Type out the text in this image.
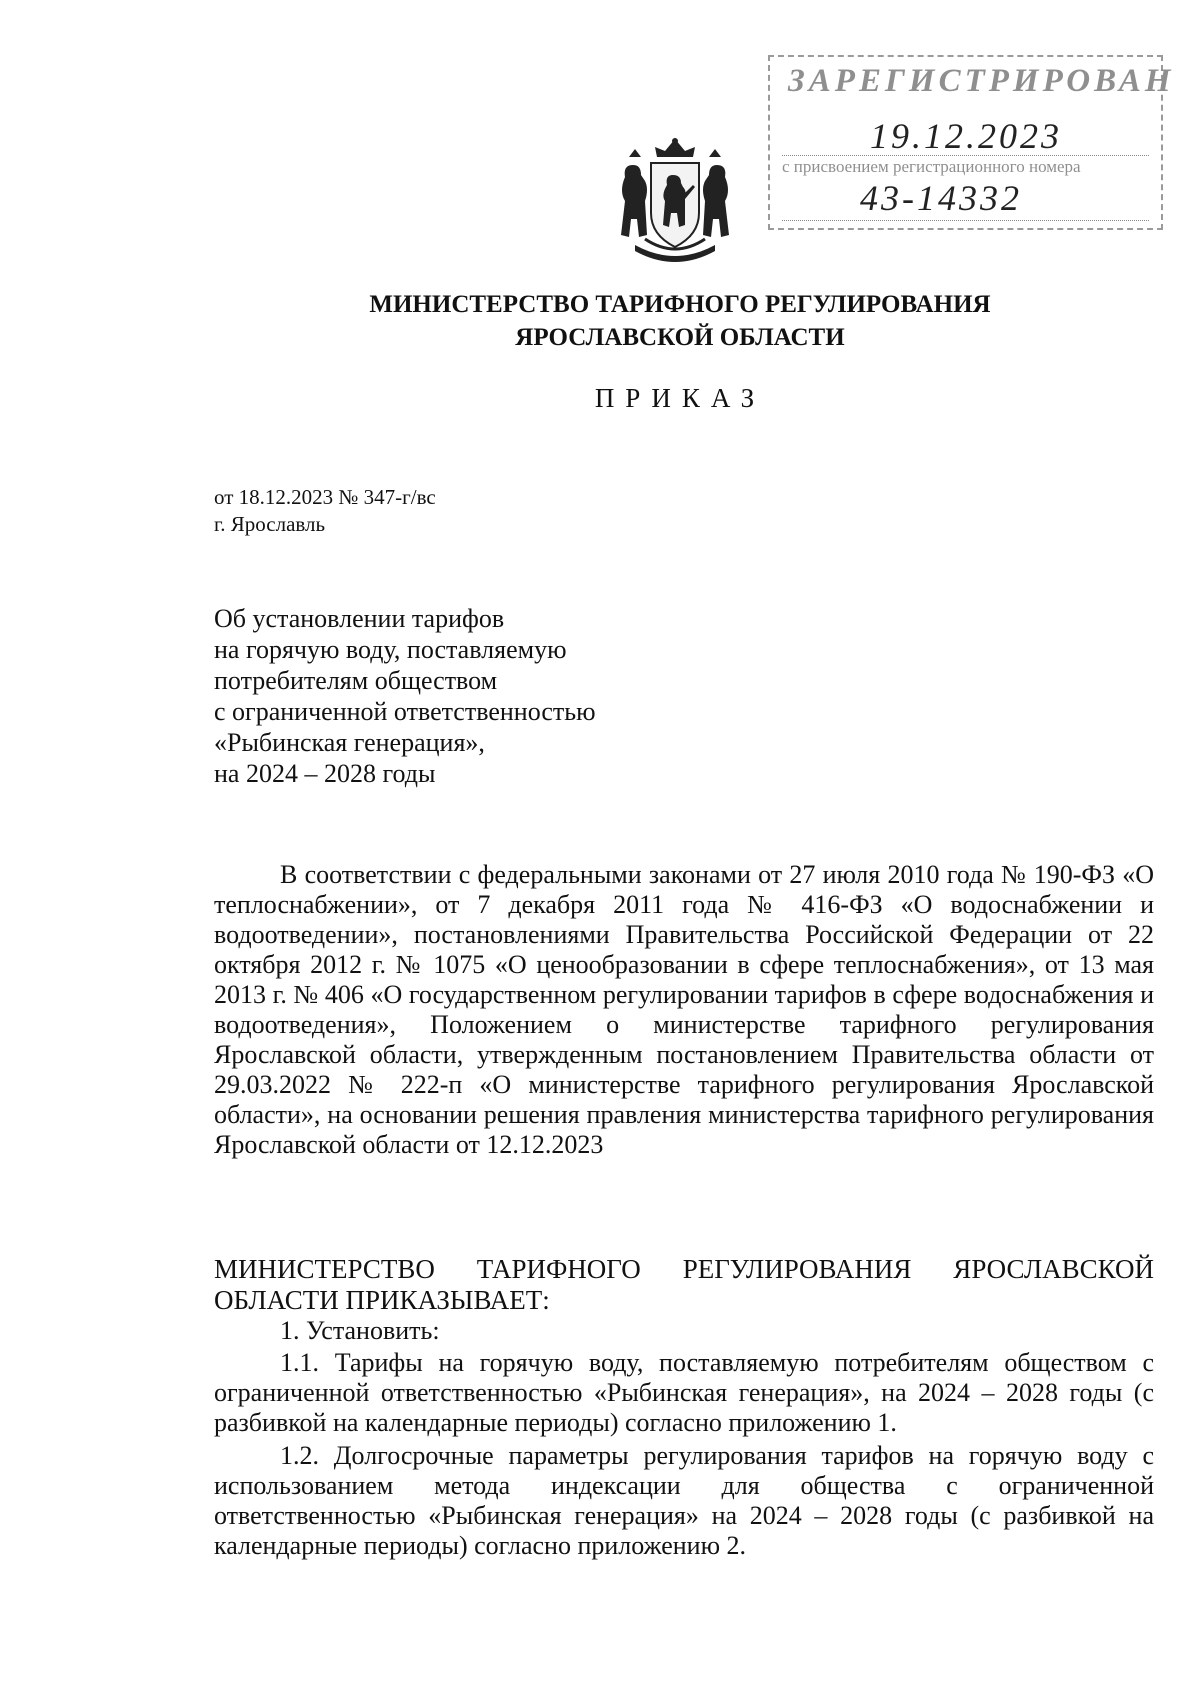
ЗАРЕГИСТРИРОВАН
19.12.2023
с присвоением регистрационного номера
43-14332
МИНИСТЕРСТВО ТАРИФНОГО РЕГУЛИРОВАНИЯ
ЯРОСЛАВСКОЙ ОБЛАСТИ
ПРИКАЗ
от 18.12.2023 № 347-г/вс
г. Ярославль
Об установлении тарифов
на горячую воду, поставляемую
потребителям обществом
с ограниченной ответственностью
«Рыбинская генерация»,
на 2024 – 2028 годы

В соответствии с федеральными законами от 27 июля 2010 года № 190-ФЗ «О теплоснабжении», от 7 декабря 2011 года № 416-ФЗ «О водоснабжении и водоотведении», постановлениями Правительства Российской Федерации от 22 октября 2012 г. № 1075 «О ценообразовании в сфере теплоснабжения», от 13 мая 2013 г. № 406 «О государственном регулировании тарифов в сфере водоснабжения и водоотведения», Положением о министерстве тарифного регулирования Ярославской области, утвержденным постановлением Правительства области от 29.03.2022 № 222-п «О министерстве тарифного регулирования Ярославской области», на основании решения правления министерства тарифного регулирования Ярославской области от 12.12.2023

МИНИСТЕРСТВО ТАРИФНОГО РЕГУЛИРОВАНИЯ ЯРОСЛАВСКОЙ ОБЛАСТИ ПРИКАЗЫВАЕТ:

1. Установить:

1.1. Тарифы на горячую воду, поставляемую потребителям обществом с ограниченной ответственностью «Рыбинская генерация», на 2024 – 2028 годы (с разбивкой на календарные периоды) согласно приложению 1.

1.2. Долгосрочные параметры регулирования тарифов на горячую воду с использованием метода индексации для общества с ограниченной ответственностью «Рыбинская генерация» на 2024 – 2028 годы (с разбивкой на календарные периоды) согласно приложению 2.
